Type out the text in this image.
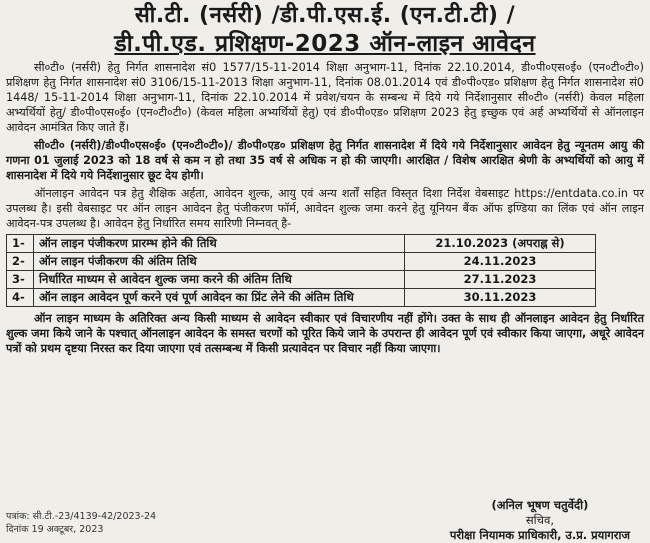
सी.टी. (नर्सरी) /डी.पी.एस.ई. (एन.टी.टी) /
डी.पी.एड. प्रशिक्षण-2023 ऑन-लाइन आवेदन

सी०टी० (नर्सरी) हेतु निर्गत शासनादेश सं0 1577/15-11-2014 शिक्षा अनुभाग-11, दिनांक 22.10.2014, डी०पी०एस०ई० (एन०टी०टी०) प्रशिक्षण हेतु निर्गत शासनादेश सं0 3106/15-11-2013 शिक्षा अनुभाग-11, दिनांक 08.01.2014 एवं डी०पी०एड० प्रशिक्षण हेतु निर्गत शासनादेश सं0 1448/ 15-11-2014 शिक्षा अनुभाग-11, दिनांक 22.10.2014 में प्रवेश/चयन के सम्बन्ध में दिये गये निर्देशानुसार सी०टी० (नर्सरी) केवल महिला अभ्यर्थियों हेतु/ डी०पी०एस०ई० (एन०टी०टी०) (केवल महिला अभ्यर्थियों हेतु) एवं डी०पी०एड० प्रशिक्षण 2023 हेतु इच्छुक एवं अर्ह अभ्यर्थियों से ऑनलाइन आवेदन आमंत्रित किए जाते हैं।

सी०टी० (नर्सरी)/डी०पी०एस०ई० (एन०टी०टी०)/ डी०पी०एड० प्रशिक्षण हेतु निर्गत शासनादेश में दिये गये निर्देशानुसार आवेदन हेतु न्यूनतम आयु की गणना 01 जुलाई 2023 को 18 वर्ष से कम न हो तथा 35 वर्ष से अधिक न हो की जाएगी। आरक्षित / विशेष आरक्षित श्रेणी के अभ्यर्थियों को आयु में शासनादेश में दिये गये निर्देशानुसार छूट देय होगी।

ऑनलाइन आवेदन पत्र हेतु शैक्षिक अर्हता, आवेदन शुल्क, आयु एवं अन्य शर्तों सहित विस्तृत दिशा निर्देश वेबसाइट https://entdata.co.in पर उपलब्ध है। इसी वेबसाइट पर ऑन लाइन आवेदन हेतु पंजीकरण फॉर्म, आवेदन शुल्क जमा करने हेतु यूनियन बैंक ऑफ इण्डिया का लिंक एवं ऑन लाइन आवेदन-पत्र उपलब्ध है। आवेदन हेतु निर्धारित समय सारिणी निम्नवत् है-

1-	ऑन लाइन पंजीकरण प्रारम्भ होने की तिथि	21.10.2023 (अपराह्न से)
2-	ऑन लाइन पंजीकरण की अंतिम तिथि	24.11.2023
3-	निर्धारित माध्यम से आवेदन शुल्क जमा करने की अंतिम तिथि	27.11.2023
4-	ऑन लाइन आवेदन पूर्ण करने एवं पूर्ण आवेदन का प्रिंट लेने की अंतिम तिथि	30.11.2023

ऑन लाइन माध्यम के अतिरिक्त अन्य किसी माध्यम से आवेदन स्वीकार एवं विचारणीय नहीं होंगे। उक्त के साथ ही ऑनलाइन आवेदन हेतु निर्धारित शुल्क जमा किये जाने के पश्चात् ऑनलाइन आवेदन के समस्त चरणों को पूरित किये जाने के उपरान्त ही आवेदन पूर्ण एवं स्वीकार किया जाएगा, अधूरे आवेदन पत्रों को प्रथम दृष्टया निरस्त कर दिया जाएगा एवं तत्सम्बन्ध में किसी प्रत्यावेदन पर विचार नहीं किया जाएगा।

पत्रांक: सी.टी.-23/4139-42/2023-24
दिनांक 19 अक्टूबर, 2023
(अनिल भूषण चतुर्वेदी)
सचिव,
परीक्षा नियामक प्राधिकारी, उ.प्र. प्रयागराज
